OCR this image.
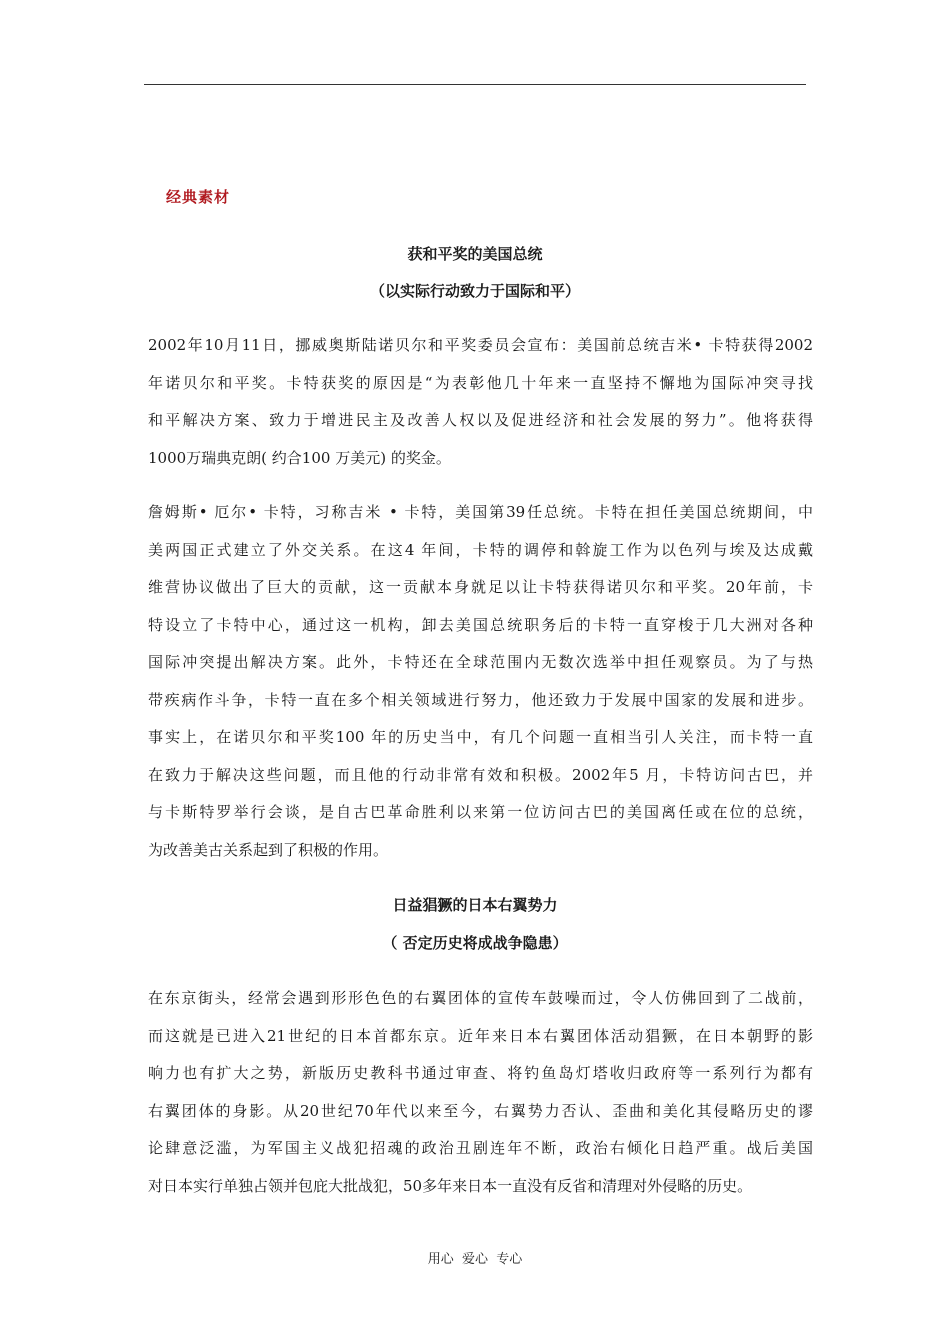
经典素材
获和平奖的美国总统
（以实际行动致力于国际和平）
2002年10月11日，挪威奥斯陆诺贝尔和平奖委员会宣布：美国前总统吉米• 卡特获得2002
年诺贝尔和平奖。卡特获奖的原因是“为表彰他几十年来一直坚持不懈地为国际冲突寻找
和平解决方案、致力于增进民主及改善人权以及促进经济和社会发展的努力”。他将获得
1000万瑞典克朗( 约合100 万美元) 的奖金。
詹姆斯• 厄尔• 卡特，习称吉米 • 卡特，美国第39任总统。卡特在担任美国总统期间，中
美两国正式建立了外交关系。在这4 年间，卡特的调停和斡旋工作为以色列与埃及达成戴
维营协议做出了巨大的贡献，这一贡献本身就足以让卡特获得诺贝尔和平奖。20年前，卡
特设立了卡特中心，通过这一机构，卸去美国总统职务后的卡特一直穿梭于几大洲对各种
国际冲突提出解决方案。此外，卡特还在全球范围内无数次选举中担任观察员。为了与热
带疾病作斗争，卡特一直在多个相关领域进行努力，他还致力于发展中国家的发展和进步。
事实上，在诺贝尔和平奖100 年的历史当中，有几个问题一直相当引人关注，而卡特一直
在致力于解决这些问题，而且他的行动非常有效和积极。2002年5 月，卡特访问古巴，并
与卡斯特罗举行会谈，是自古巴革命胜利以来第一位访问古巴的美国离任或在位的总统，
为改善美古关系起到了积极的作用。
日益猖獗的日本右翼势力
（ 否定历史将成战争隐患）
在东京街头，经常会遇到形形色色的右翼团体的宣传车鼓噪而过，令人仿佛回到了二战前，
而这就是已进入21世纪的日本首都东京。近年来日本右翼团体活动猖獗，在日本朝野的影
响力也有扩大之势，新版历史教科书通过审查、将钓鱼岛灯塔收归政府等一系列行为都有
右翼团体的身影。从20世纪70年代以来至今，右翼势力否认、歪曲和美化其侵略历史的谬
论肆意泛滥，为军国主义战犯招魂的政治丑剧连年不断，政治右倾化日趋严重。战后美国
对日本实行单独占领并包庇大批战犯，50多年来日本一直没有反省和清理对外侵略的历史。
用心  爱心  专心
